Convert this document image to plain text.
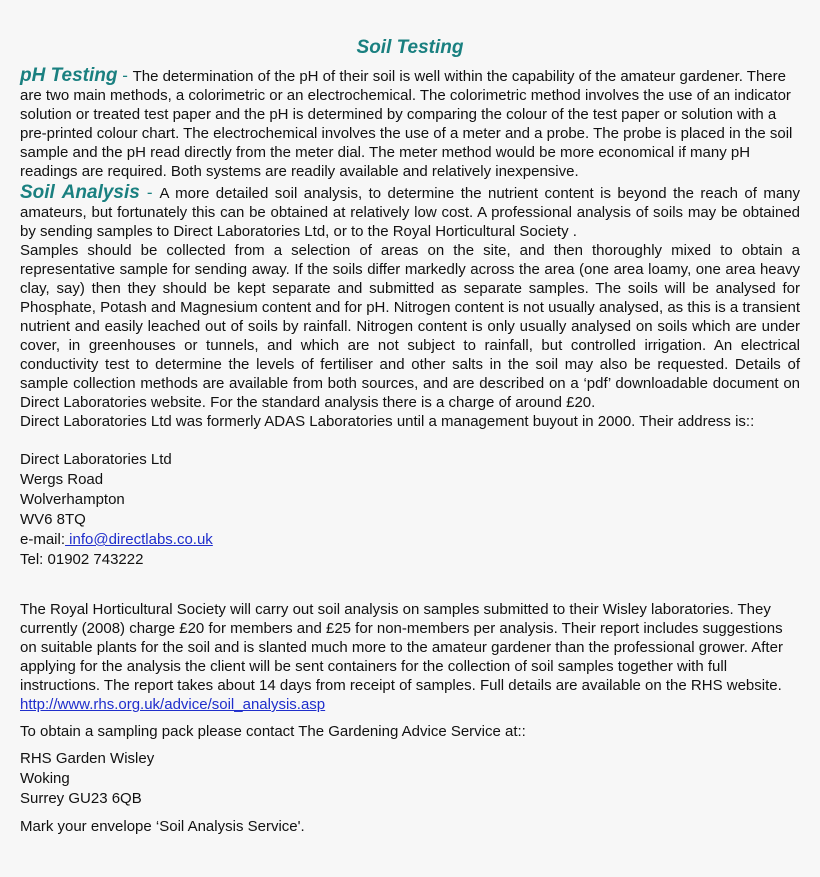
Soil Testing

pH Testing - The determination of the pH of their soil is well within the capability of the amateur gardener. There are two main methods, a colorimetric or an electrochemical. The colorimetric method involves the use of an indicator solution or treated test paper and the pH is determined by comparing the colour of the test paper or solution with a pre-printed colour chart. The electrochemical involves the use of a meter and a probe. The probe is placed in the soil sample and the pH read directly from the meter dial. The meter method would be more economical if many pH readings are required. Both systems are readily available and relatively inexpensive.

Soil Analysis - A more detailed soil analysis, to determine the nutrient content is beyond the reach of many amateurs, but fortunately this can be obtained at relatively low cost. A professional analysis of soils may be obtained by sending samples to Direct Laboratories Ltd, or to the Royal Horticultural Society .

Samples should be collected from a selection of areas on the site, and then thoroughly mixed to obtain a representative sample for sending away. If the soils differ markedly across the area (one area loamy, one area heavy clay, say) then they should be kept separate and submitted as separate samples. The soils will be analysed for Phosphate, Potash and Magnesium content and for pH. Nitrogen content is not usually analysed, as this is a transient nutrient and easily leached out of soils by rainfall. Nitrogen content is only usually analysed on soils which are under cover, in greenhouses or tunnels, and which are not subject to rainfall, but controlled irrigation. An electrical conductivity test to determine the levels of fertiliser and other salts in the soil may also be requested. Details of sample collection methods are available from both sources, and are described on a ‘pdf’ downloadable document on Direct Laboratories website. For the standard analysis there is a charge of around £20.

Direct Laboratories Ltd was formerly ADAS Laboratories until a management buyout in 2000. Their address is::

Direct Laboratories Ltd

Wergs Road

Wolverhampton

WV6 8TQ

e-mail: info@directlabs.co.uk

Tel: 01902 743222

The Royal Horticultural Society will carry out soil analysis on samples submitted to their Wisley laboratories. They currently (2008) charge £20 for members and £25 for non-members per analysis. Their report includes suggestions on suitable plants for the soil and is slanted much more to the amateur gardener than the professional grower. After applying for the analysis the client will be sent containers for the collection of soil samples together with full instructions. The report takes about 14 days from receipt of samples. Full details are available on the RHS website.  http://www.rhs.org.uk/advice/soil_analysis.asp

To obtain a sampling pack please contact The Gardening Advice Service at::

RHS Garden Wisley

Woking

Surrey GU23 6QB

Mark your envelope ‘Soil Analysis Service'.
